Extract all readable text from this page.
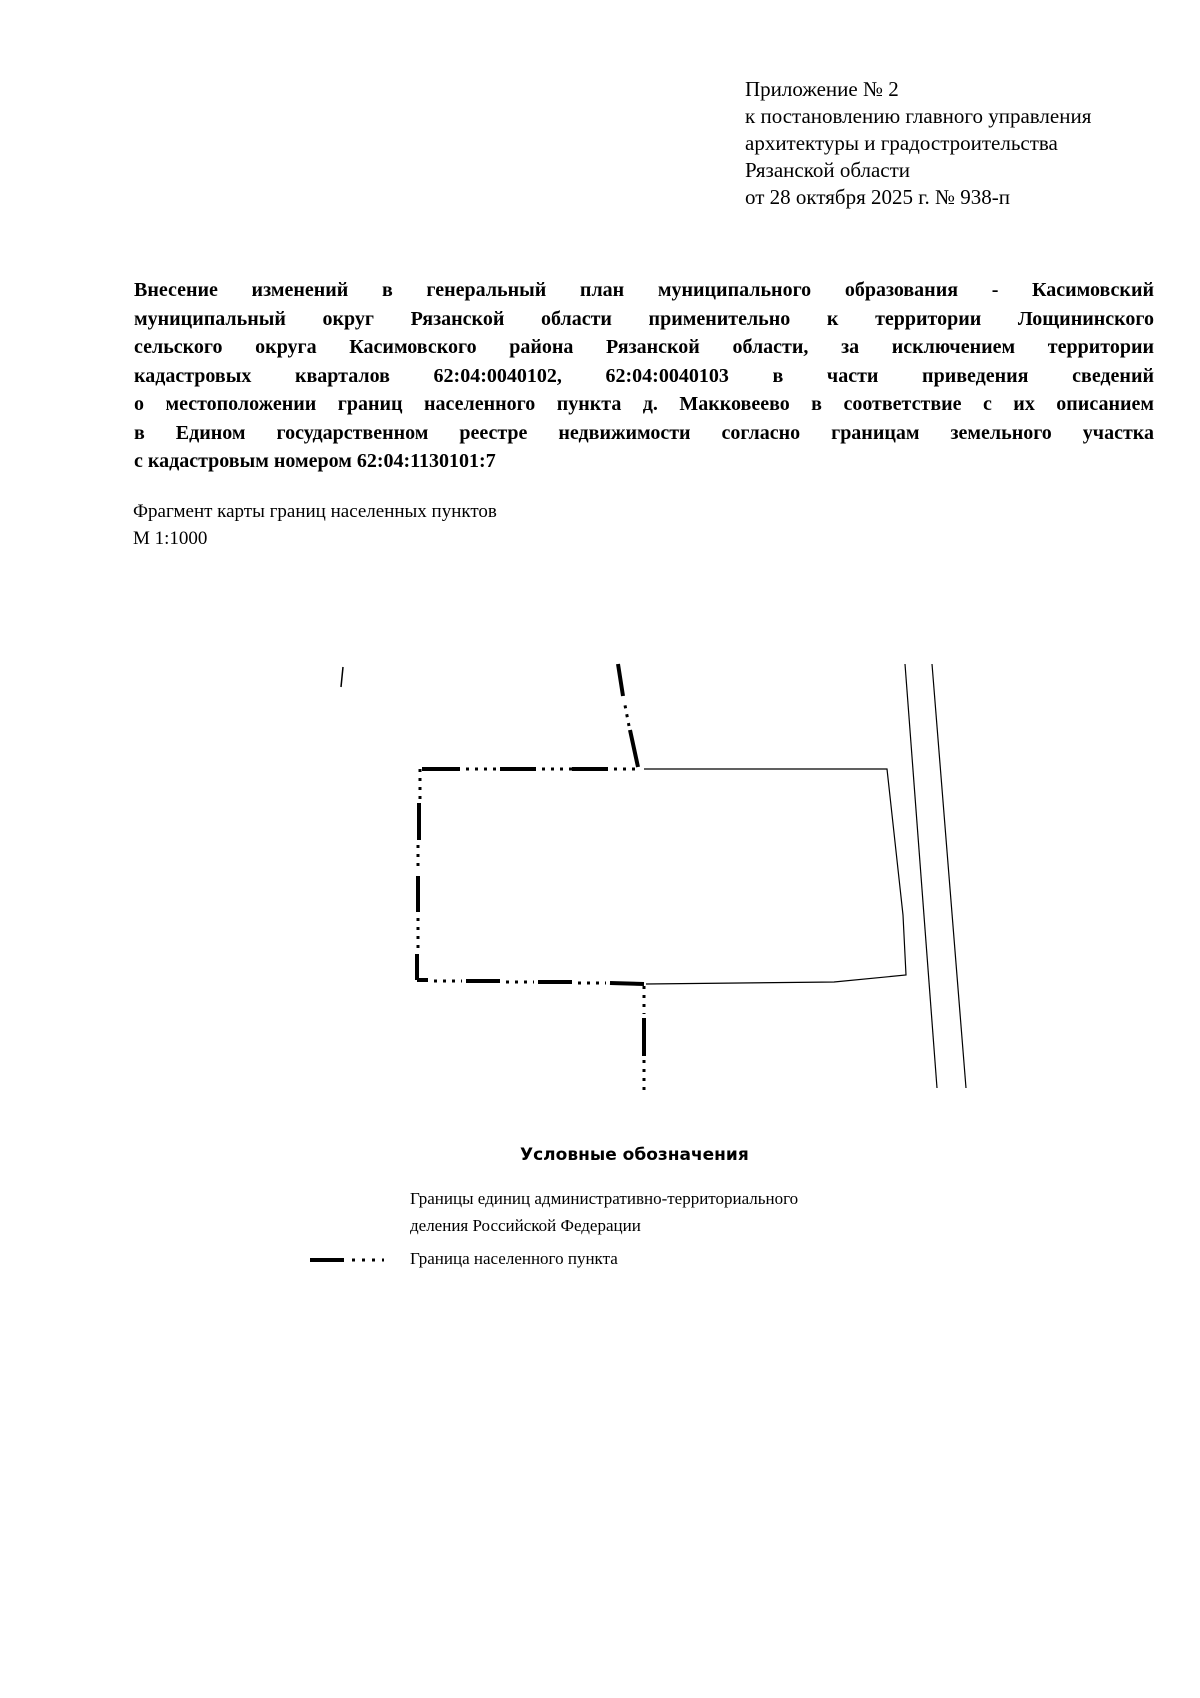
Приложение № 2
к постановлению главного управления
архитектуры и градостроительства
Рязанской области
от 28 октября 2025 г. № 938-п
Внесение изменений в генеральный план муниципального образования - Касимовский
муниципальный округ Рязанской области применительно к территории Лощининского
сельского округа Касимовского района Рязанской области, за исключением территории
кадастровых кварталов 62:04:0040102, 62:04:0040103 в части приведения сведений
о местоположении границ населенного пункта д. Макковеево в соответствие с их описанием
в Едином государственном реестре недвижимости согласно границам земельного участка
с кадастровым номером 62:04:1130101:7
Фрагмент карты границ населенных пунктов
М 1:1000
Условные обозначения
Границы единиц административно-территориального
деления Российской Федерации
Граница населенного пункта
